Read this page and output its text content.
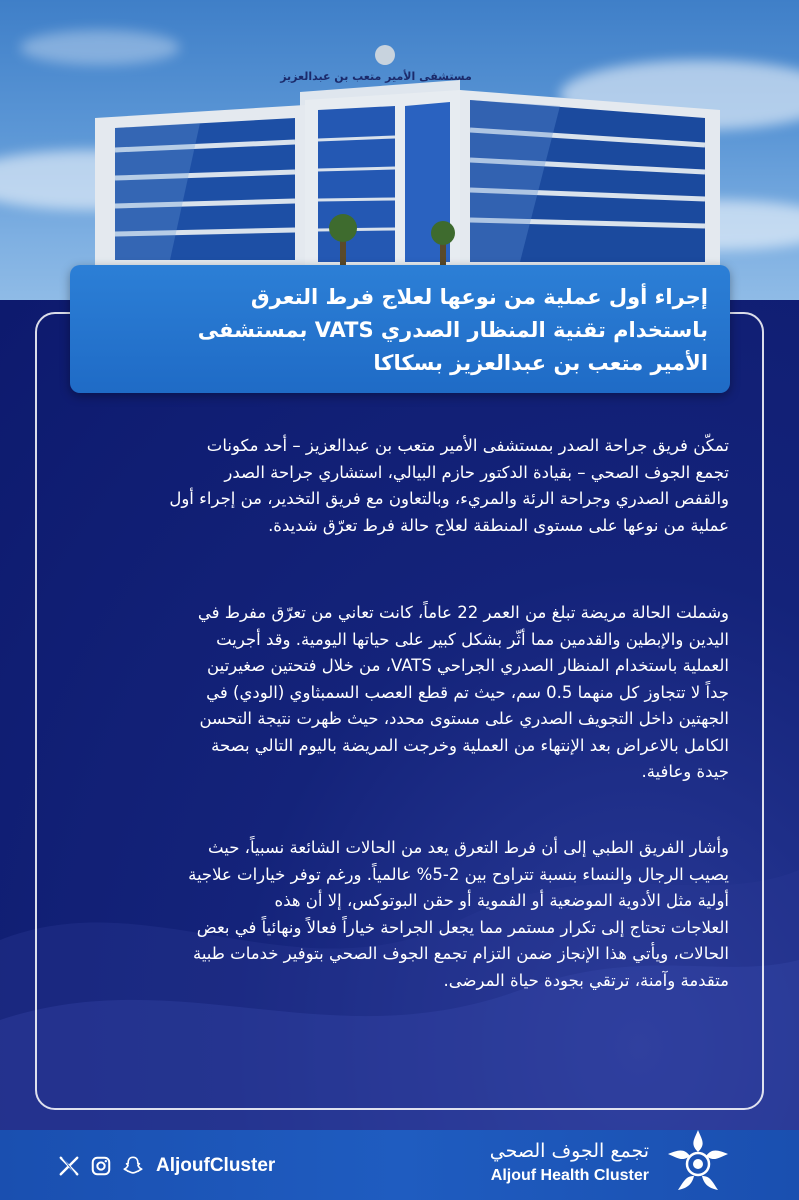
مستشفى الأمير متعب بن عبدالعزيز
إجراء أول عملية من نوعها لعلاج فرط التعرق
باستخدام تقنية المنظار الصدري VATS بمستشفى
الأمير متعب بن عبدالعزيز بسكاكا
تمكّن فريق جراحة الصدر بمستشفى الأمير متعب بن عبدالعزيز – أحد مكونات
تجمع الجوف الصحي – بقيادة الدكتور حازم البيالي، استشاري جراحة الصدر
والقفص الصدري وجراحة الرئة والمريء، وبالتعاون مع فريق التخدير، من إجراء أول
عملية من نوعها على مستوى المنطقة لعلاج حالة فرط تعرّق شديدة.
وشملت الحالة مريضة تبلغ من العمر 22 عاماً، كانت تعاني من تعرّق مفرط في
اليدين والإبطين والقدمين مما أثّر بشكل كبير على حياتها اليومية. وقد أجريت
العملية باستخدام المنظار الصدري الجراحي VATS، من خلال فتحتين صغيرتين
جداً لا تتجاوز كل منهما 0.5 سم، حيث تم قطع العصب السمبثاوي (الودي) في
الجهتين داخل التجويف الصدري على مستوى محدد، حيث ظهرت نتيجة التحسن
الكامل بالاعراض بعد الإنتهاء من العملية وخرجت المريضة باليوم التالي بصحة
جيدة وعافية.
وأشار الفريق الطبي إلى أن فرط التعرق يعد من الحالات الشائعة نسبياً، حيث
يصيب الرجال والنساء بنسبة تتراوح بين 2-5% عالمياً. ورغم توفر خيارات علاجية
أولية مثل الأدوية الموضعية أو الفموية أو حقن البوتوكس، إلا أن هذه
العلاجات تحتاج إلى تكرار مستمر مما يجعل الجراحة خياراً فعالاً ونهائياً في بعض
الحالات، ويأتي هذا الإنجاز ضمن التزام تجمع الجوف الصحي بتوفير خدمات طبية
متقدمة وآمنة، ترتقي بجودة حياة المرضى.
AljoufCluster
تجمع الجوف الصحي
Aljouf Health Cluster
